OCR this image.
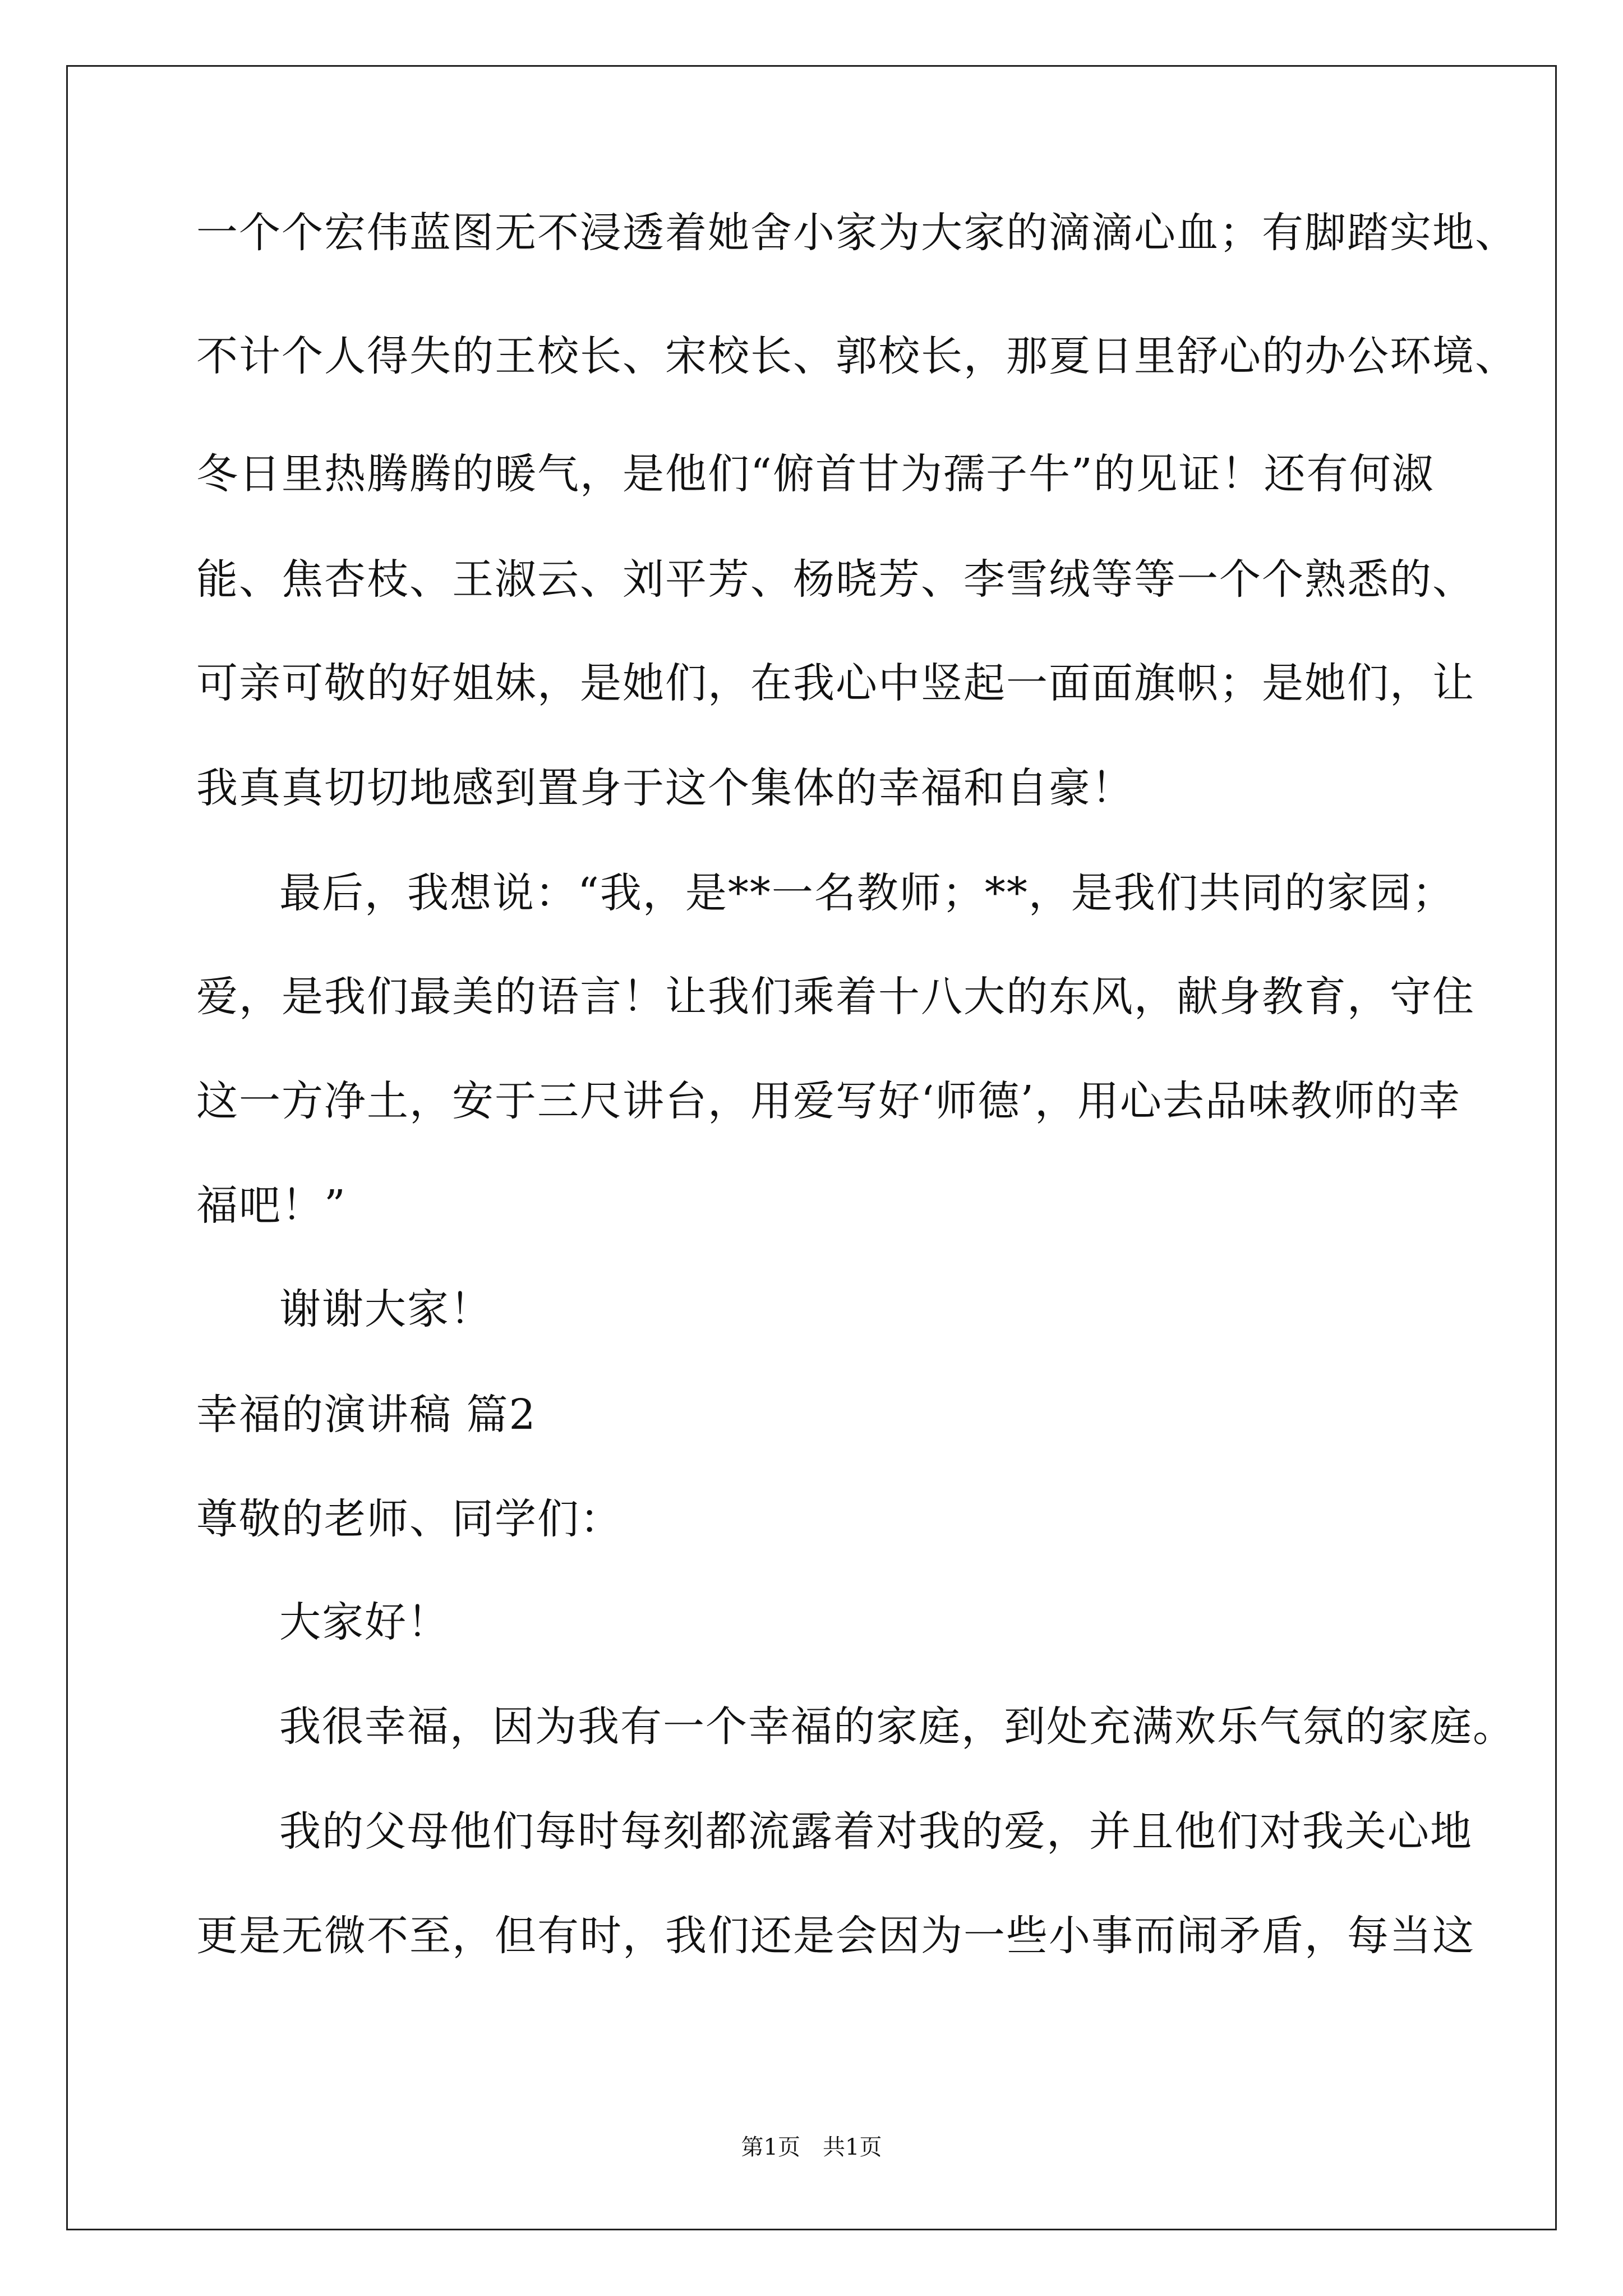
一个个宏伟蓝图无不浸透着她舍小家为大家的滴滴心血；有脚踏实地、
不计个人得失的王校长、宋校长、郭校长，那夏日里舒心的办公环境、
冬日里热腾腾的暖气，是他们“俯首甘为孺子牛”的见证！还有何淑
能、焦杏枝、王淑云、刘平芳、杨晓芳、李雪绒等等一个个熟悉的、
可亲可敬的好姐妹，是她们，在我心中竖起一面面旗帜；是她们，让
我真真切切地感到置身于这个集体的幸福和自豪！
最后，我想说：“我，是**一名教师；**，是我们共同的家园；
爱，是我们最美的语言！让我们乘着十八大的东风，献身教育，守住
这一方净土，安于三尺讲台，用爱写好‘师德’，用心去品味教师的幸
福吧！”
谢谢大家！
幸福的演讲稿 篇2
尊敬的老师、同学们：
大家好！
我很幸福，因为我有一个幸福的家庭，到处充满欢乐气氛的家庭。
我的父母他们每时每刻都流露着对我的爱，并且他们对我关心地
更是无微不至，但有时，我们还是会因为一些小事而闹矛盾，每当这
第1页　共1页
